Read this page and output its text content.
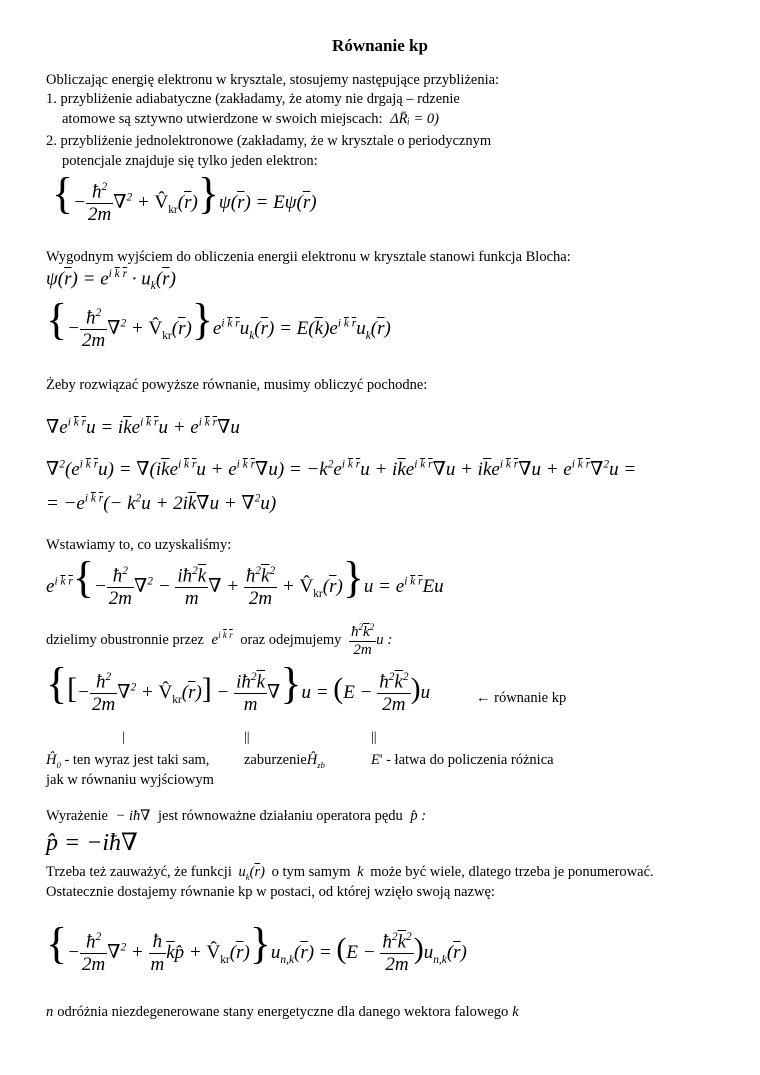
Równanie kp
Obliczając energię elektronu w krysztale, stosujemy następujące przybliżenia:
1. przybliżenie adiabatyczne (zakładamy, że atomy nie drgają – rdzenie
atomowe są sztywno utwierdzone w swoich miejscach: ΔR̄ᵢ = 0)
2. przybliżenie jednolektronowe (zakładamy, że w krysztale o periodycznym
potencjale znajduje się tylko jeden elektron:
{− $\frac{ħ^2}{2m} \nabla^2$ + $V̂_{kr}(\overline{r})\}\psi(\overline{r}) = E\psi(\overline{r})$
Wygodnym wyjściem do obliczenia energii elektronu w krysztale stanowi funkcja Blocha:
$\psi(\overline{r}) = e^{i \overline{k} \overline{r}} \cdot u_k(\overline{r})$
{− $\frac{ħ^2}{2m} \nabla^2$ + $V̂_{kr}(\overline{r})\}e^{i \overline{k} \overline{r}}u_k(\overline{r}) = E(\overline{k})e^{i \overline{k} \overline{r}}u_k(\overline{r})$
Żeby rozwiązać powyższe równanie, musimy obliczyć pochodne:
$\nabla e^{i \overline{k} \overline{r}}u = i\overline{k}e^{i \overline{k} \overline{r}}u + e^{i \overline{k} \overline{r}}\nabla u$
$\nabla^2(e^{i \overline{k} \overline{r}}u) = \nabla(i\overline{k}e^{i \overline{k} \overline{r}}u + e^{i \overline{k} \overline{r}}\nabla u) = -k^2e^{i \overline{k} \overline{r}}u + i\overline{k}e^{i \overline{k} \overline{r}}\nabla u + i\overline{k}e^{i \overline{k} \overline{r}}\nabla u + e^{i \overline{k} \overline{r}}\nabla^2u$ =
= $-e^{i \overline{k} \overline{r}}(- k^2u + 2i\overline{k}\nabla u + \nabla^2u)$
Wstawiamy to, co uzyskaliśmy:
$e^{i \overline{k} \overline{r}}\{- \frac{ħ^2}{2m} \nabla^2 - \frac{iħ^2\overline{k}}{m}$ ∇ + $\frac{ħ^2\overline{k}^2}{2m}$ + $V̂_{kr}(\overline{r})\}u = e^{i \overline{k} \overline{r}}Eu$
dzielimy obustronnie przez $e^{i \overline{k} \overline{r}}$ oraz odejmujemy $\frac{ħ^2\overline{k}^2}{2m}$ u :
{[− $\frac{ħ^2}{2m} \nabla^2$ + $V̂_{kr}(\overline{r})] - \frac{iħ^2\overline{k}}{m} \nabla\}u = (E - \frac{ħ^2\overline{k}^2}{2m} )u$	← równanie kp
|	||	||
$Ĥ_0$ - ten wyraz jest taki sam,
jak w równaniu wyjściowym
zaburzenieĤ$_{zb}$	E' - łatwa do policzenia różnica
Wyrażenie − iħ∇ jest równoważne działaniu operatora pędu p̂ :
p̂ = −iħ∇
Trzeba też zauważyć, że funkcji $u_k(\overline{r})$ o tym samym k może być wiele, dlatego trzeba je ponumerować.
Ostatecznie dostajemy równanie kp w postaci, od której wzięło swoją nazwę:
{− $\frac{ħ^2}{2m} \nabla^2 + \frac{ħ}{m}$ $\overline{k}p̂$ + $V̂_{kr}(\overline{r})\}u_{n,k}(\overline{r}) = (E - \frac{ħ^2\overline{k}^2}{2m} )u_{n,k}(\overline{r})$
n odróżnia niezdegenerowane stany energetyczne dla danego wektora falowego k
